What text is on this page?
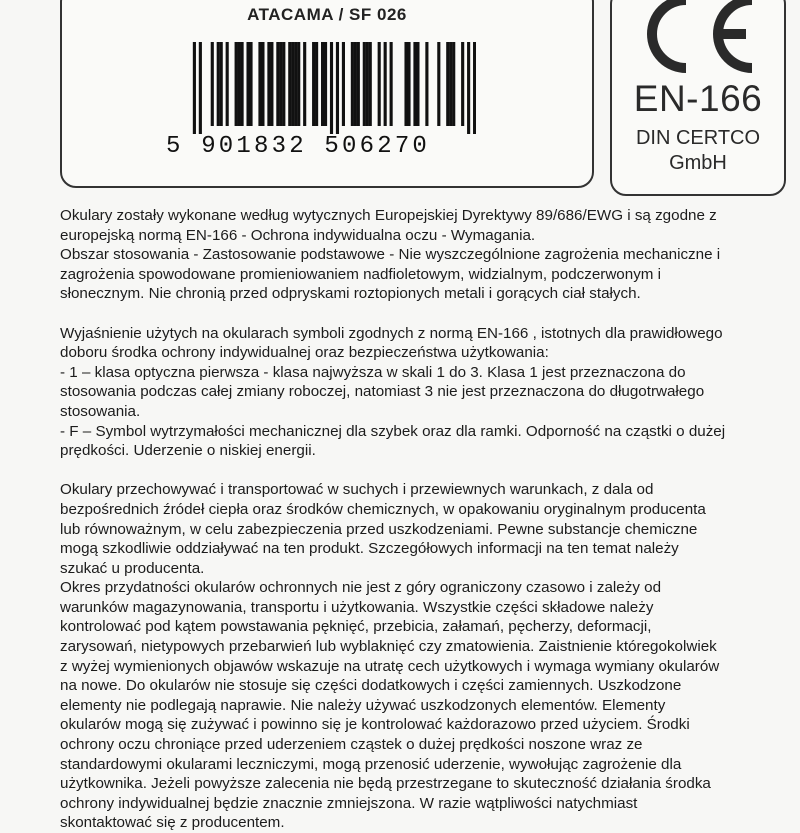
ATACAMA / SF 026
5 901832 506270
EN-166
DIN CERTCO
GmbH
Okulary zostały wykonane według wytycznych Europejskiej Dyrektywy 89/686/EWG i są zgodne z
europejską normą EN-166 - Ochrona indywidualna oczu - Wymagania.
Obszar stosowania - Zastosowanie podstawowe - Nie wyszczególnione zagrożenia mechaniczne i
zagrożenia spowodowane promieniowaniem nadfioletowym, widzialnym, podczerwonym i
słonecznym. Nie chronią przed odpryskami roztopionych metali i gorących ciał stałych.
Wyjaśnienie użytych na okularach symboli zgodnych z normą EN-166 , istotnych dla prawidłowego
doboru środka ochrony indywidualnej oraz bezpieczeństwa użytkowania:
- 1 – klasa optyczna pierwsza - klasa najwyższa w skali 1 do 3. Klasa 1 jest przeznaczona do
stosowania podczas całej zmiany roboczej, natomiast 3 nie jest przeznaczona do długotrwałego
stosowania.
- F – Symbol wytrzymałości mechanicznej dla szybek oraz dla ramki. Odporność na cząstki o dużej
prędkości. Uderzenie o niskiej energii.
Okulary przechowywać i transportować w suchych i przewiewnych warunkach, z dala od
bezpośrednich źródeł ciepła oraz środków chemicznych, w opakowaniu oryginalnym producenta
lub równoważnym, w celu zabezpieczenia przed uszkodzeniami. Pewne substancje chemiczne
mogą szkodliwie oddziaływać na ten produkt. Szczegółowych informacji na ten temat należy
szukać u producenta.
Okres przydatności okularów ochronnych nie jest z góry ograniczony czasowo i zależy od
warunków magazynowania, transportu i użytkowania. Wszystkie części składowe należy
kontrolować pod kątem powstawania pęknięć, przebicia, załamań, pęcherzy, deformacji,
zarysowań, nietypowych przebarwień lub wyblaknięć czy zmatowienia. Zaistnienie któregokolwiek
z wyżej wymienionych objawów wskazuje na utratę cech użytkowych i wymaga wymiany okularów
na nowe. Do okularów nie stosuje się części dodatkowych i części zamiennych. Uszkodzone
elementy nie podlegają naprawie. Nie należy używać uszkodzonych elementów. Elementy
okularów mogą się zużywać i powinno się je kontrolować każdorazowo przed użyciem. Środki
ochrony oczu chroniące przed uderzeniem cząstek o dużej prędkości noszone wraz ze
standardowymi okularami leczniczymi, mogą przenosić uderzenie, wywołując zagrożenie dla
użytkownika. Jeżeli powyższe zalecenia nie będą przestrzegane to skuteczność działania środka
ochrony indywidualnej będzie znacznie zmniejszona. W razie wątpliwości natychmiast
skontaktować się z producentem.
